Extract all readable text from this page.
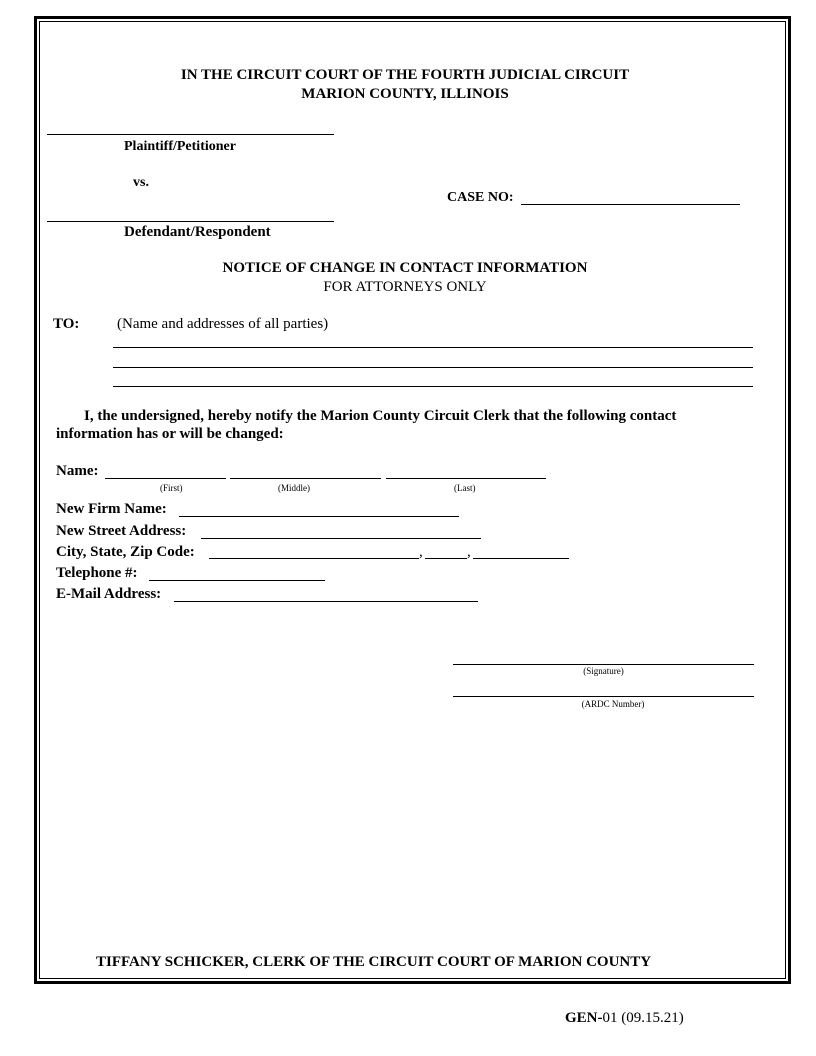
IN THE CIRCUIT COURT OF THE FOURTH JUDICIAL CIRCUIT
MARION COUNTY, ILLINOIS
Plaintiff/Petitioner
vs.
CASE NO:
Defendant/Respondent
NOTICE OF CHANGE IN CONTACT INFORMATION
FOR ATTORNEYS ONLY
TO:	(Name and addresses of all parties)
I, the undersigned, hereby notify the Marion County Circuit Clerk that the following contact
information has or will be changed:
Name:
(First)	(Middle)	(Last)
New Firm Name:
New Street Address:
City, State, Zip Code:	,	,
Telephone #:
E-Mail Address:
(Signature)
(ARDC Number)
TIFFANY SCHICKER, CLERK OF THE CIRCUIT COURT OF MARION COUNTY
GEN-01 (09.15.21)
